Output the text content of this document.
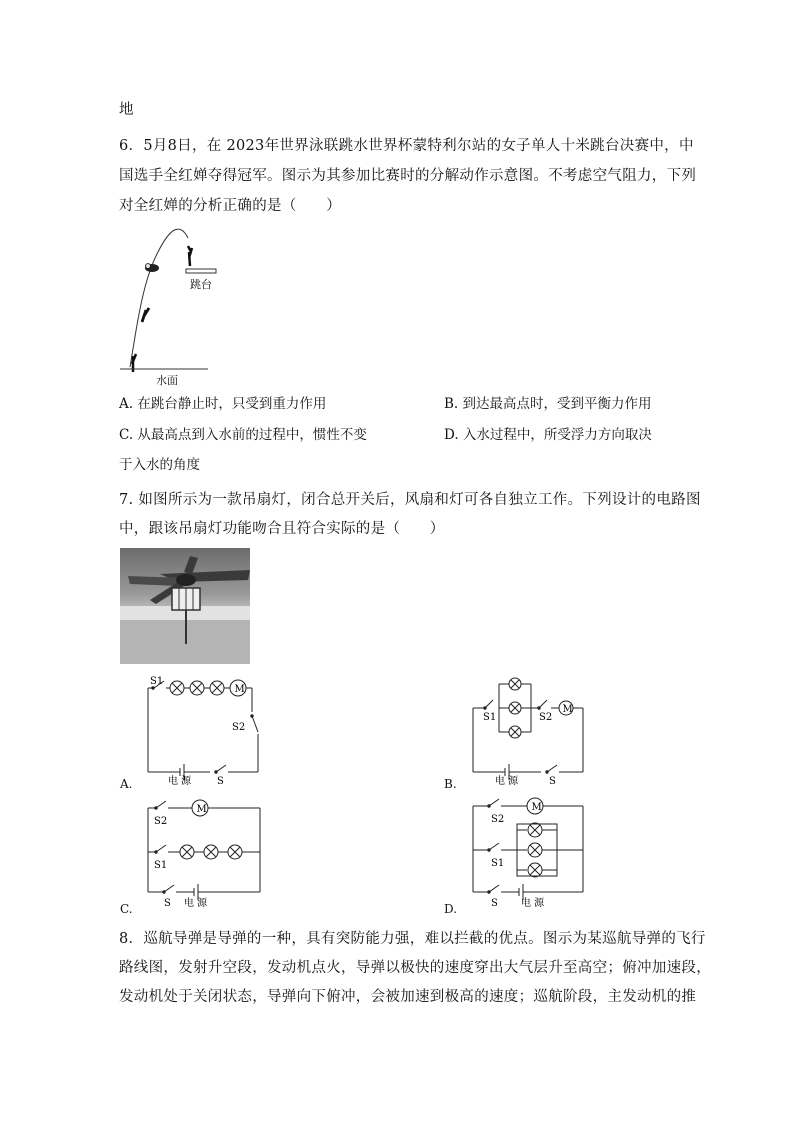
地
6．5月8日，在 2023年世界泳联跳水世界杯蒙特利尔站的女子单人十米跳台决赛中，中
国选手全红婵夺得冠军。图示为其参加比赛时的分解动作示意图。不考虑空气阻力，下列
对全红婵的分析正确的是（　　）
跳台
水面
A. 在跳台静止时，只受到重力作用	B. 到达最高点时，受到平衡力作用
C. 从最高点到入水前的过程中，惯性不变	D. 入水过程中，所受浮力方向取决
于入水的角度
7. 如图所示为一款吊扇灯，闭合总开关后，风扇和灯可各自独立工作。下列设计的电路图
中，跟该吊扇灯功能吻合且符合实际的是（　　）
M
S1
S2
电 源	S
A.
M
S1	S2
电 源	S
B.
M
S2
S1
S 电 源
C.
M
S2
S1
S 电 源
D.
8．巡航导弹是导弹的一种，具有突防能力强，难以拦截的优点。图示为某巡航导弹的飞行
路线图，发射升空段，发动机点火，导弹以极快的速度穿出大气层升至高空；俯冲加速段，
发动机处于关闭状态，导弹向下俯冲，会被加速到极高的速度；巡航阶段，主发动机的推
